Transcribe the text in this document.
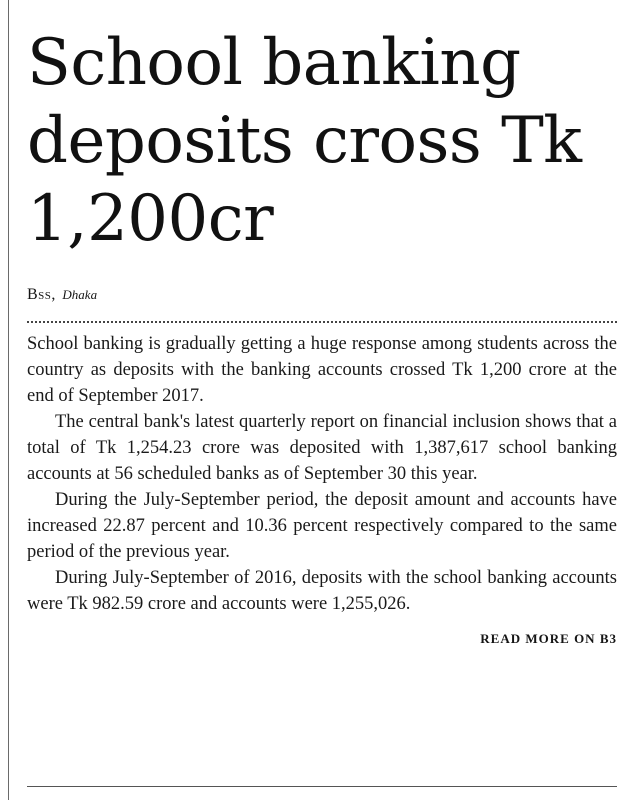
School banking deposits cross Tk 1,200cr
Bss, Dhaka

School banking is gradually getting a huge response among students across the country as deposits with the banking accounts crossed Tk 1,200 crore at the end of September 2017.

The central bank's latest quarterly report on financial inclusion shows that a total of Tk 1,254.23 crore was deposited with 1,387,617 school banking accounts at 56 scheduled banks as of September 30 this year.

During the July-September period, the deposit amount and accounts have increased 22.87 percent and 10.36 percent respectively compared to the same period of the previous year.

During July-September of 2016, deposits with the school banking accounts were Tk 982.59 crore and accounts were 1,255,026.

READ MORE ON B3
